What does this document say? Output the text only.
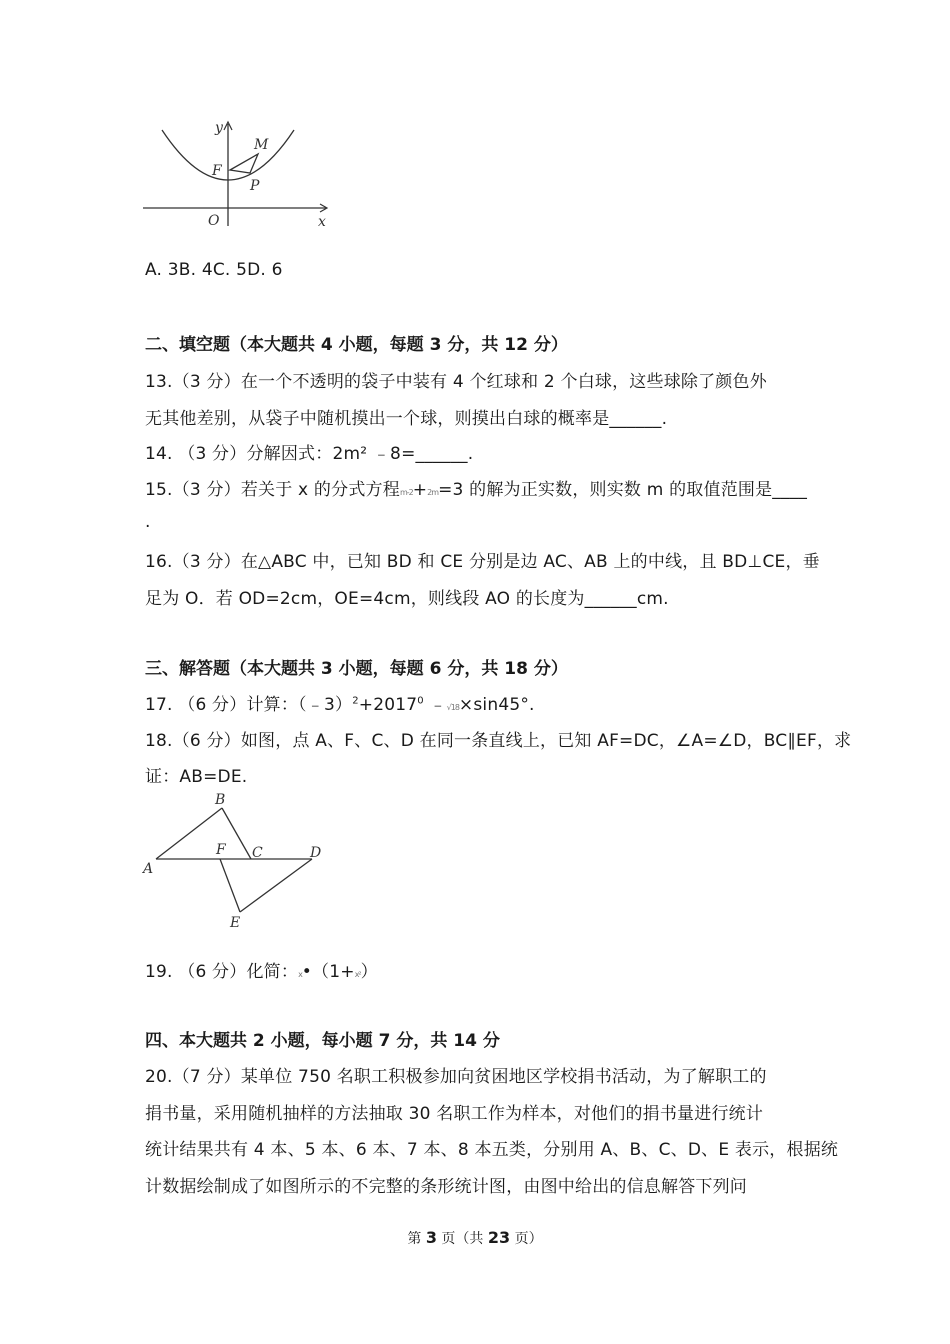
y
x
O
F
M
P
A. 3B. 4C. 5D. 6
二、填空题（本大题共 4 小题，每题 3 分，共 12 分）
13.（3 分）在一个不透明的袋子中装有 4 个红球和 2 个白球，这些球除了颜色外
无其他差别，从袋子中随机摸出一个球，则摸出白球的概率是______.
14. （3 分）分解因式：2m² ﹣8=______.
15.（3 分）若关于 x 的分式方程m-2+2m=3 的解为正实数，则实数 m 的取值范围是____
.
16.（3 分）在△ABC 中，已知 BD 和 CE 分别是边 AC、AB 上的中线，且 BD⊥CE，垂
足为 O．若 OD=2cm，OE=4cm，则线段 AO 的长度为______cm.
三、解答题（本大题共 3 小题，每题 6 分，共 18 分）
17. （6 分）计算：$(﹣3)^2+2017^0$ ﹣√18×sin45°.
18.（6 分）如图，点 A、F、C、D 在同一条直线上，已知 AF=DC，∠A=∠D，BC∥EF，求
证：AB=DE.
B
A
F C	D
E
19. （6 分）化简：x•（1+x²）
四、本大题共 2 小题，每小题 7 分，共 14 分
20.（7 分）某单位 750 名职工积极参加向贫困地区学校捐书活动，为了解职工的
捐书量，采用随机抽样的方法抽取 30 名职工作为样本，对他们的捐书量进行统计
统计结果共有 4 本、5 本、6 本、7 本、8 本五类，分别用 A、B、C、D、E 表示，根据统
计数据绘制成了如图所示的不完整的条形统计图，由图中给出的信息解答下列问
第 3 页（共 23 页）
